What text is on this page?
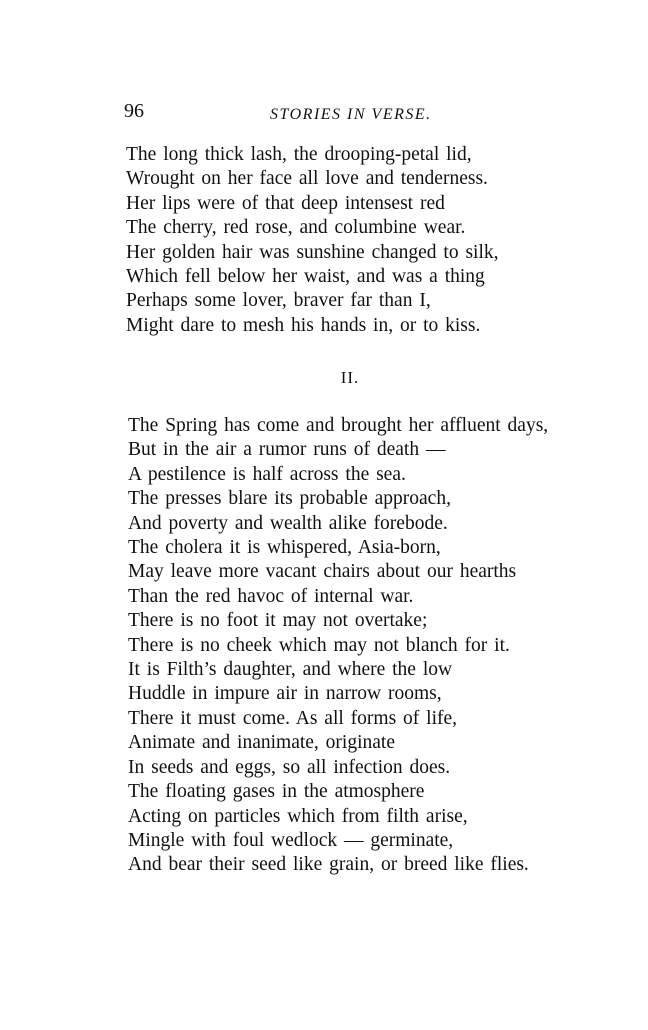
96	STORIES IN VERSE.
The long thick lash, the drooping-petal lid,
Wrought on her face all love and tenderness.
Her lips were of that deep intensest red
The cherry, red rose, and columbine wear.
Her golden hair was sunshine changed to silk,
Which fell below her waist, and was a thing
Perhaps some lover, braver far than I,
Might dare to mesh his hands in, or to kiss.
II.
The Spring has come and brought her affluent days,
But in the air a rumor runs of death —
A pestilence is half across the sea.
The presses blare its probable approach,
And poverty and wealth alike forebode.
The cholera it is whispered, Asia-born,
May leave more vacant chairs about our hearths
Than the red havoc of internal war.
There is no foot it may not overtake;
There is no cheek which may not blanch for it.
It is Filth’s daughter, and where the low
Huddle in impure air in narrow rooms,
There it must come. As all forms of life,
Animate and inanimate, originate
In seeds and eggs, so all infection does.
The floating gases in the atmosphere
Acting on particles which from filth arise,
Mingle with foul wedlock — germinate,
And bear their seed like grain, or breed like flies.
